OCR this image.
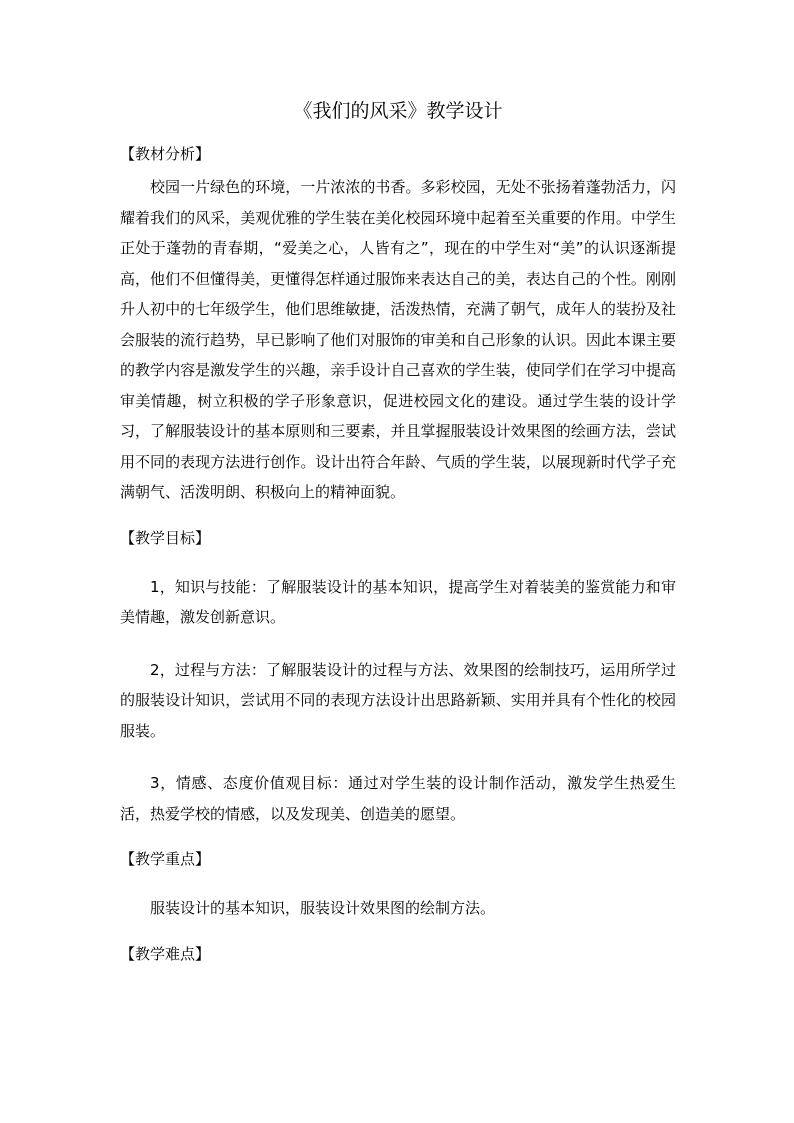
《我们的风采》教学设计

【教材分析】

校园一片绿色的环境，一片浓浓的书香。多彩校园，无处不张扬着蓬勃活力，闪耀着我们的风采，美观优雅的学生装在美化校园环境中起着至关重要的作用。中学生正处于蓬勃的青春期，“爱美之心，人皆有之”，现在的中学生对“美”的认识逐渐提高，他们不但懂得美，更懂得怎样通过服饰来表达自己的美，表达自己的个性。刚刚升人初中的七年级学生，他们思维敏捷，活泼热情，充满了朝气，成年人的装扮及社会服装的流行趋势，早已影响了他们对服饰的审美和自己形象的认识。因此本课主要的教学内容是激发学生的兴趣，亲手设计自己喜欢的学生装，使同学们在学习中提高审美情趣，树立积极的学子形象意识，促进校园文化的建设。通过学生装的设计学习，了解服装设计的基本原则和三要素，并且掌握服装设计效果图的绘画方法，尝试用不同的表现方法进行创作。设计出符合年龄、气质的学生装，以展现新时代学子充满朝气、活泼明朗、积极向上的精神面貌。

【教学目标】

1，知识与技能：了解服装设计的基本知识，提高学生对着装美的鉴赏能力和审美情趣，激发创新意识。

2，过程与方法：了解服装设计的过程与方法、效果图的绘制技巧，运用所学过的服装设计知识，尝试用不同的表现方法设计出思路新颖、实用并具有个性化的校园服装。

3，情感、态度价值观目标：通过对学生装的设计制作活动，激发学生热爱生活，热爱学校的情感，以及发现美、创造美的愿望。

【教学重点】

服装设计的基本知识，服装设计效果图的绘制方法。

【教学难点】
